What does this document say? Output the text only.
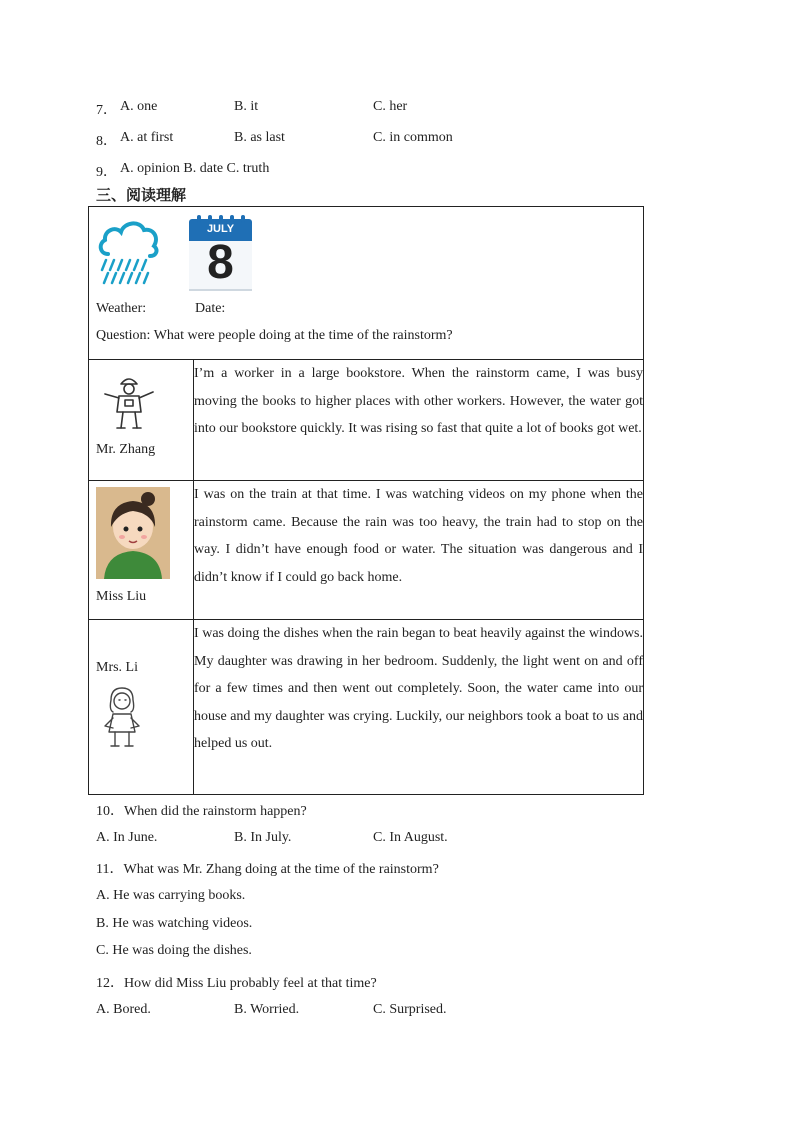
7． A. one	B. it	C. her
8． A. at first	B. as last	C. in common
9． A. opinion B. date C. truth
三、阅读理解
JULY
8
Weather: Date:
Question: What were people doing at the time of the rainstorm?	

Mr. Zhang	I’m a worker in a large bookstore. When the rainstorm came, I was busy moving the books to higher places with other workers. However, the water got into our bookstore quickly. It was rising so fast that quite a lot of books got wet.

Miss Liu	I was on the train at that time. I was watching videos on my phone when the rainstorm came. Because the rain was too heavy, the train had to stop on the way. I didn’t have enough food or water. The situation was dangerous and I didn’t know if I could go back home.

Mrs. Li	I was doing the dishes when the rain began to beat heavily against the windows. My daughter was drawing in her bedroom. Suddenly, the light went on and off for a few times and then went out completely. Soon, the water came into our house and my daughter was crying. Luckily, our neighbors took a boat to us and helped us out.
10．When did the rainstorm happen?
A. In June.	B. In July.	C. In August.
11．What was Mr. Zhang doing at the time of the rainstorm?
A. He was carrying books.
B. He was watching videos.
C. He was doing the dishes.
12．How did Miss Liu probably feel at that time?
A. Bored.	B. Worried.	C. Surprised.
